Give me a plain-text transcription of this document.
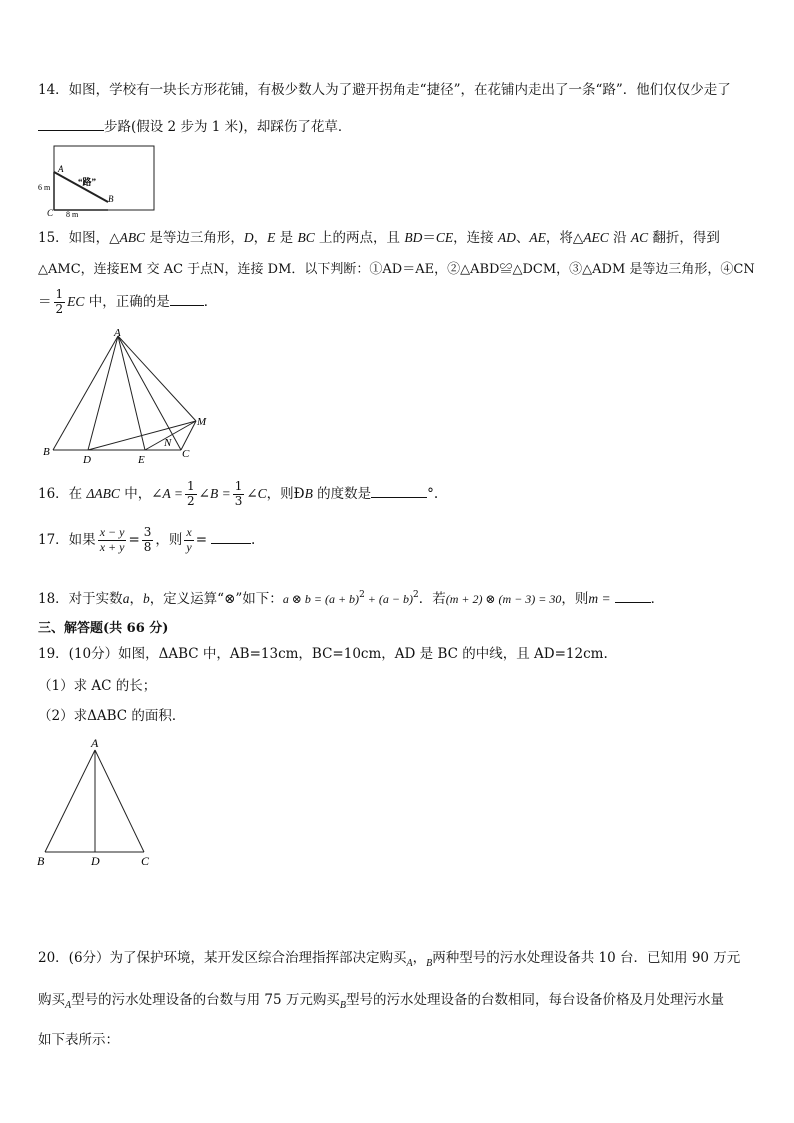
14．如图，学校有一块长方形花铺，有极少数人为了避开拐角走“捷径”，在花铺内走出了一条“路”．他们仅仅少走了
步路(假设 2 步为 1 米)，却踩伤了花草．
A
“路”
B
C
6 m
8 m
15．如图，△ABC 是等边三角形，D，E 是 BC 上的两点，且 BD＝CE，连接 AD、AE，将△AEC 沿 AC 翻折，得到
△AMC，连接EM 交 AC 于点N，连接 DM．以下判断：①AD＝AE，②△ABD≌△DCM，③△ADM 是等边三角形，④CN
＝ $\frac{1}{2}$ EC 中，正确的是	．
A
B
D	E	C
M
N
16．在 ΔABC 中，∠A = $\frac{1}{2}$ ∠B = $\frac{1}{3}$ ∠C，则ÐB 的度数是	°.
17．如果 $\frac{x - y}{x + y} = \frac{3}{8}$ ，则 $\frac{x}{y}$ =	.
18．对于实数a，b，定义运算“⊗”如下：a ⊗ $b = (a + b)^2 + (a - b)^2$．若(m + 2) ⊗ (m − 3) = 30，则m =	．
三、解答题(共 66 分)
19．(10分）如图，ΔABC 中，AB=13cm，BC=10cm，AD 是 BC 的中线，且 AD=12cm.
（1）求 AC 的长；
（2）求ΔABC 的面积．
A
B	D	C
20．(6分）为了保护环境，某开发区综合治理指挥部决定购买$_A$，$_B$两种型号的污水处理设备共 10 台．已知用 90 万元
购买$_A$型号的污水处理设备的台数与用 75 万元购买$_B$型号的污水处理设备的台数相同，每台设备价格及月处理污水量
如下表所示：
